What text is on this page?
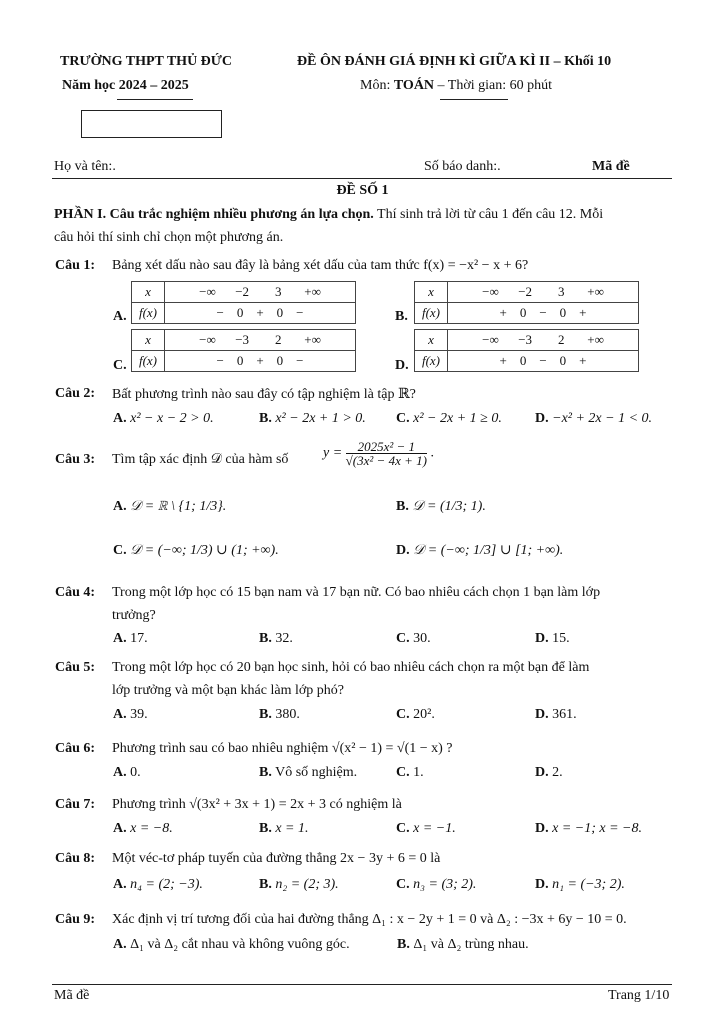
TRƯỜNG THPT THỦ ĐỨC
Năm học 2024 – 2025
ĐỀ ÔN ĐÁNH GIÁ ĐỊNH KÌ GIỮA KÌ II – Khối 10
Môn: TOÁN – Thời gian: 60 phút
Họ và tên:.	Số báo danh:.	Mã đề
ĐỀ SỐ 1
PHẦN I. Câu trắc nghiệm nhiều phương án lựa chọn. Thí sinh trả lời từ câu 1 đến câu 12. Mỗi
câu hỏi thí sinh chỉ chọn một phương án.
Câu 1: Bảng xét dấu nào sau đây là bảng xét dấu của tam thức f(x) = −x² − x + 6?
A.
x	−∞      −2        3       +∞
f(x)	−    0    +    0    −	B.
x	−∞      −2        3       +∞
f(x)	+    0    −    0    +
C.
x	−∞      −3        2       +∞
f(x)	−    0    +    0    −	D.
x	−∞      −3        2       +∞
f(x)	+    0    −    0    +
Câu 2: Bất phương trình nào sau đây có tập nghiệm là tập ℝ?
A. x² − x − 2 > 0.	B. x² − 2x + 1 > 0. C. x² − 2x + 1 ≥ 0. D. −x² + 2x − 1 < 0.
Câu 3: Tìm tập xác định 𝒟 của hàm số $y = \frac{\text{2025x² − 1}}{\text{√(3x² − 4x + 1)}}$ .
A. 𝒟 = ℝ \ {1; 1/3}.	B. 𝒟 = (1/3; 1).
C. 𝒟 = (−∞; 1/3) ∪ (1; +∞).	D. 𝒟 = (−∞; 1/3] ∪ [1; +∞).
Câu 4: Trong một lớp học có 15 bạn nam và 17 bạn nữ. Có bao nhiêu cách chọn 1 bạn làm lớp
trưởng?
A. 17.	B. 32.	C. 30.	D. 15.
Câu 5: Trong một lớp học có 20 bạn học sinh, hỏi có bao nhiêu cách chọn ra một bạn để làm
lớp trưởng và một bạn khác làm lớp phó?
A. 39.	B. 380.	C. 20².	D. 361.
Câu 6: Phương trình sau có bao nhiêu nghiệm √(x² − 1) = √(1 − x) ?
A. 0.	B. Vô số nghiệm.	C. 1.	D. 2.
Câu 7: Phương trình √(3x² + 3x + 1) = 2x + 3 có nghiệm là
A. x = −8.	B. x = 1.	C. x = −1.	D. x = −1; x = −8.
Câu 8: Một véc-tơ pháp tuyến của đường thẳng 2x − 3y + 6 = 0 là
A. n₄ = (2; −3).	B. n₂ = (2; 3).	C. n₃ = (3; 2).	D. n₁ = (−3; 2).
Câu 9: Xác định vị trí tương đối của hai đường thẳng Δ₁ : x − 2y + 1 = 0 và Δ₂ : −3x + 6y − 10 = 0.
A. Δ₁ và Δ₂ cắt nhau và không vuông góc.	B. Δ₁ và Δ₂ trùng nhau.
Mã đề	Trang 1/10
